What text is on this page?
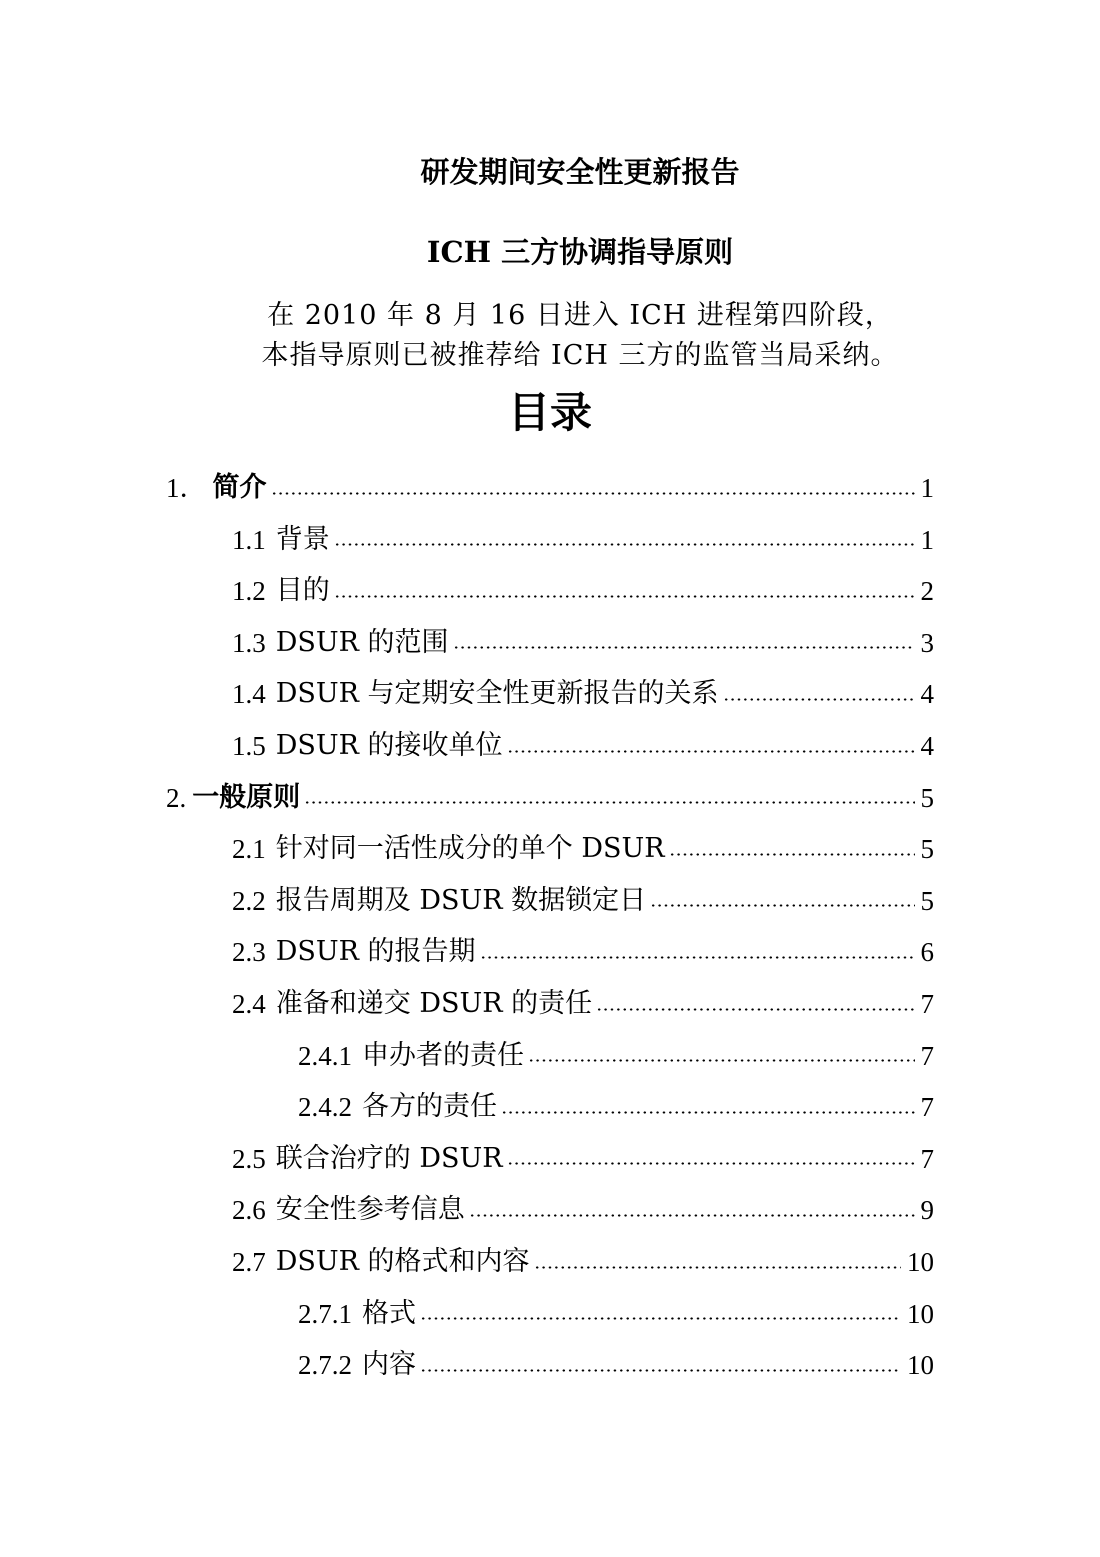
研发期间安全性更新报告
ICH 三方协调指导原则
在 2010 年 8 月 16 日进入 ICH 进程第四阶段，
本指导原则已被推荐给 ICH 三方的监管当局采纳。
目录
1． 简介	1
1.1 背景	1
1.2 目的	2
1.3 DSUR 的范围	3
1.4 DSUR 与定期安全性更新报告的关系	4
1.5 DSUR 的接收单位	4
2. 一般原则	5
2.1 针对同一活性成分的单个 DSUR	5
2.2 报告周期及 DSUR 数据锁定日	5
2.3 DSUR 的报告期	6
2.4 准备和递交 DSUR 的责任	7
2.4.1 申办者的责任	7
2.4.2 各方的责任	7
2.5 联合治疗的 DSUR	7
2.6 安全性参考信息	9
2.7 DSUR 的格式和内容	10
2.7.1 格式	10
2.7.2 内容	10
